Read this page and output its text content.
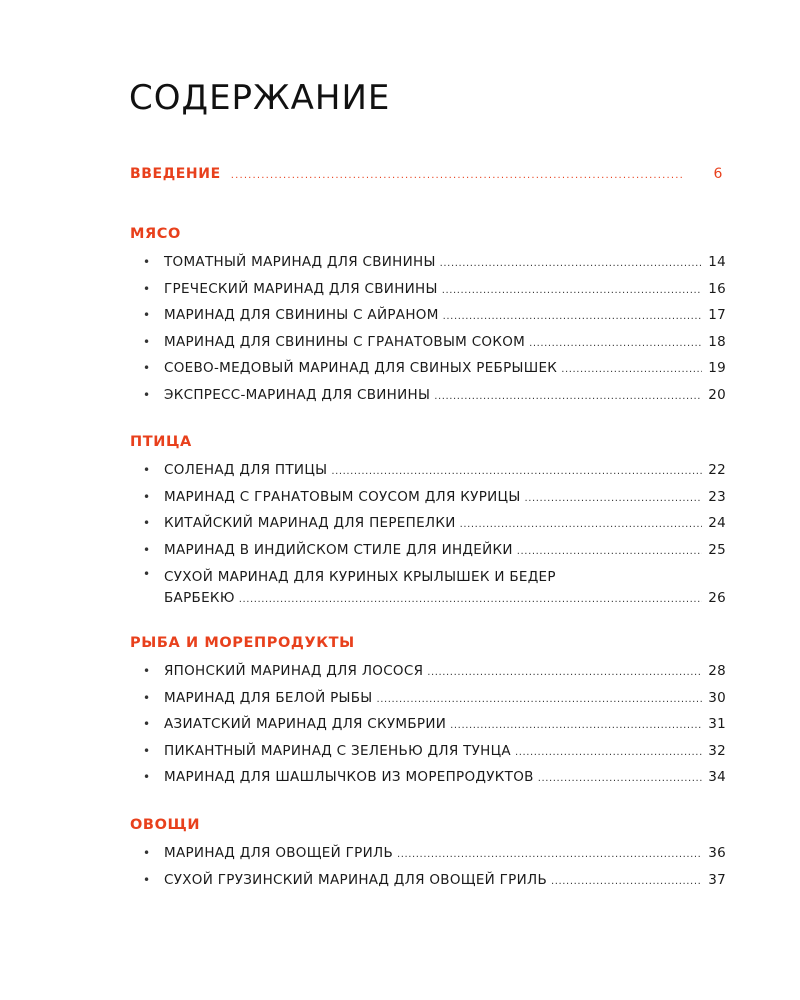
СОДЕРЖАНИЕ
ВВЕДЕНИЕ . . .	6
МЯСО
• ТОМАТНЫЙ МАРИНАД ДЛЯ СВИНИНЫ . . .	14
• ГРЕЧЕСКИЙ МАРИНАД ДЛЯ СВИНИНЫ . . .	16
• МАРИНАД ДЛЯ СВИНИНЫ С АЙРАНОМ . . .	17
• МАРИНАД ДЛЯ СВИНИНЫ С ГРАНАТОВЫМ СОКОМ . . .	18
• СОЕВО-МЕДОВЫЙ МАРИНАД ДЛЯ СВИНЫХ РЕБРЫШЕК . . .	19
• ЭКСПРЕСС-МАРИНАД ДЛЯ СВИНИНЫ . . .	20
ПТИЦА
• СОЛЕНАД ДЛЯ ПТИЦЫ . . .	22
• МАРИНАД С ГРАНАТОВЫМ СОУСОМ ДЛЯ КУРИЦЫ . . .	23
• КИТАЙСКИЙ МАРИНАД ДЛЯ ПЕРЕПЕЛКИ . . .	24
• МАРИНАД В ИНДИЙСКОМ СТИЛЕ ДЛЯ ИНДЕЙКИ . . .	25
• СУХОЙ МАРИНАД ДЛЯ КУРИНЫХ КРЫЛЫШЕК И БЕДЕР
БАРБЕКЮ . . .	26
РЫБА И МОРЕПРОДУКТЫ
• ЯПОНСКИЙ МАРИНАД ДЛЯ ЛОСОСЯ . . .	28
• МАРИНАД ДЛЯ БЕЛОЙ РЫБЫ . . .	30
• АЗИАТСКИЙ МАРИНАД ДЛЯ СКУМБРИИ . . .	31
• ПИКАНТНЫЙ МАРИНАД С ЗЕЛЕНЬЮ ДЛЯ ТУНЦА . . .	32
• МАРИНАД ДЛЯ ШАШЛЫЧКОВ ИЗ МОРЕПРОДУКТОВ . . .	34
ОВОЩИ
• МАРИНАД ДЛЯ ОВОЩЕЙ ГРИЛЬ . . .	36
• СУХОЙ ГРУЗИНСКИЙ МАРИНАД ДЛЯ ОВОЩЕЙ ГРИЛЬ . . .	37
